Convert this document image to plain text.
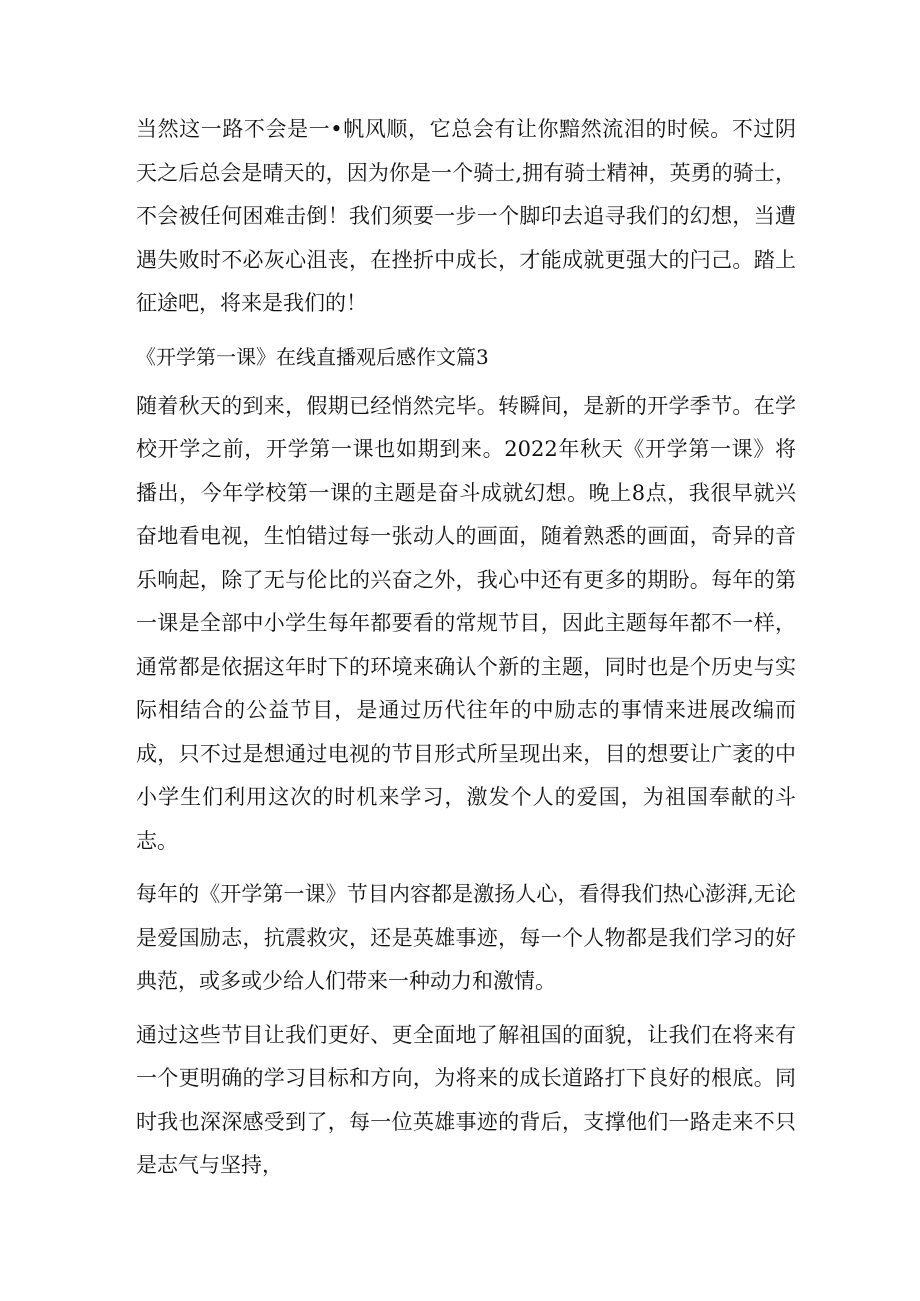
当然这一路不会是一•帆风顺，它总会有让你黯然流泪的时候。不过阴天之后总会是晴天的，因为你是一个骑士,拥有骑士精神，英勇的骑士，不会被任何困难击倒！我们须要一步一个脚印去追寻我们的幻想，当遭遇失败时不必灰心沮丧，在挫折中成长，才能成就更强大的闩己。踏上征途吧，将来是我们的！

《开学第一课》在线直播观后感作文篇3

随着秋天的到来，假期已经悄然完毕。转瞬间，是新的开学季节。在学校开学之前，开学第一课也如期到来。2022年秋天《开学第一课》将播出，今年学校第一课的主题是奋斗成就幻想。晚上8点，我很早就兴奋地看电视，生怕错过每一张动人的画面，随着熟悉的画面，奇异的音乐响起，除了无与伦比的兴奋之外，我心中还有更多的期盼。每年的第一课是全部中小学生每年都要看的常规节目，因此主题每年都不一样，通常都是依据这年时下的环境来确认个新的主题，同时也是个历史与实际相结合的公益节目，是通过历代往年的中励志的事情来进展改编而成，只不过是想通过电视的节目形式所呈现出来，目的想要让广袤的中小学生们利用这次的时机来学习，激发个人的爱国，为祖国奉献的斗志。

每年的《开学第一课》节目内容都是激扬人心，看得我们热心澎湃,无论是爱国励志，抗震救灾，还是英雄事迹，每一个人物都是我们学习的好典范，或多或少给人们带来一种动力和激情。

通过这些节目让我们更好、更全面地了解祖国的面貌，让我们在将来有一个更明确的学习目标和方向，为将来的成长道路打下良好的根底。同时我也深深感受到了，每一位英雄事迹的背后，支撑他们一路走来不只是志气与坚持，
